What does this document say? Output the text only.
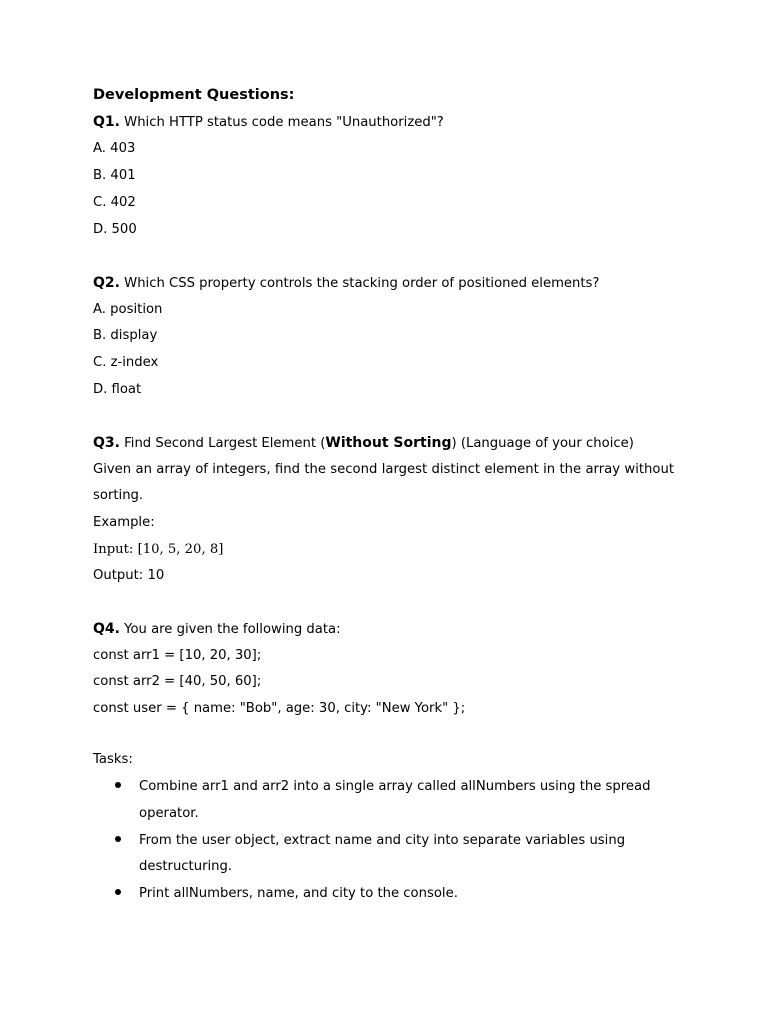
Development Questions:
Q1. Which HTTP status code means "Unauthorized"?
A. 403
B. 401
C. 402
D. 500
Q2. Which CSS property controls the stacking order of positioned elements?
A. position
B. display
C. z-index
D. float
Q3. Find Second Largest Element (Without Sorting) (Language of your choice)
Given an array of integers, find the second largest distinct element in the array without
sorting.
Example:
Input: [10, 5, 20, 8]
Output: 10
Q4. You are given the following data:
const arr1 = [10, 20, 30];
const arr2 = [40, 50, 60];
const user = { name: "Bob", age: 30, city: "New York" };
Tasks:
Combine arr1 and arr2 into a single array called allNumbers using the spread
operator.
From the user object, extract name and city into separate variables using
destructuring.
Print allNumbers, name, and city to the console.
